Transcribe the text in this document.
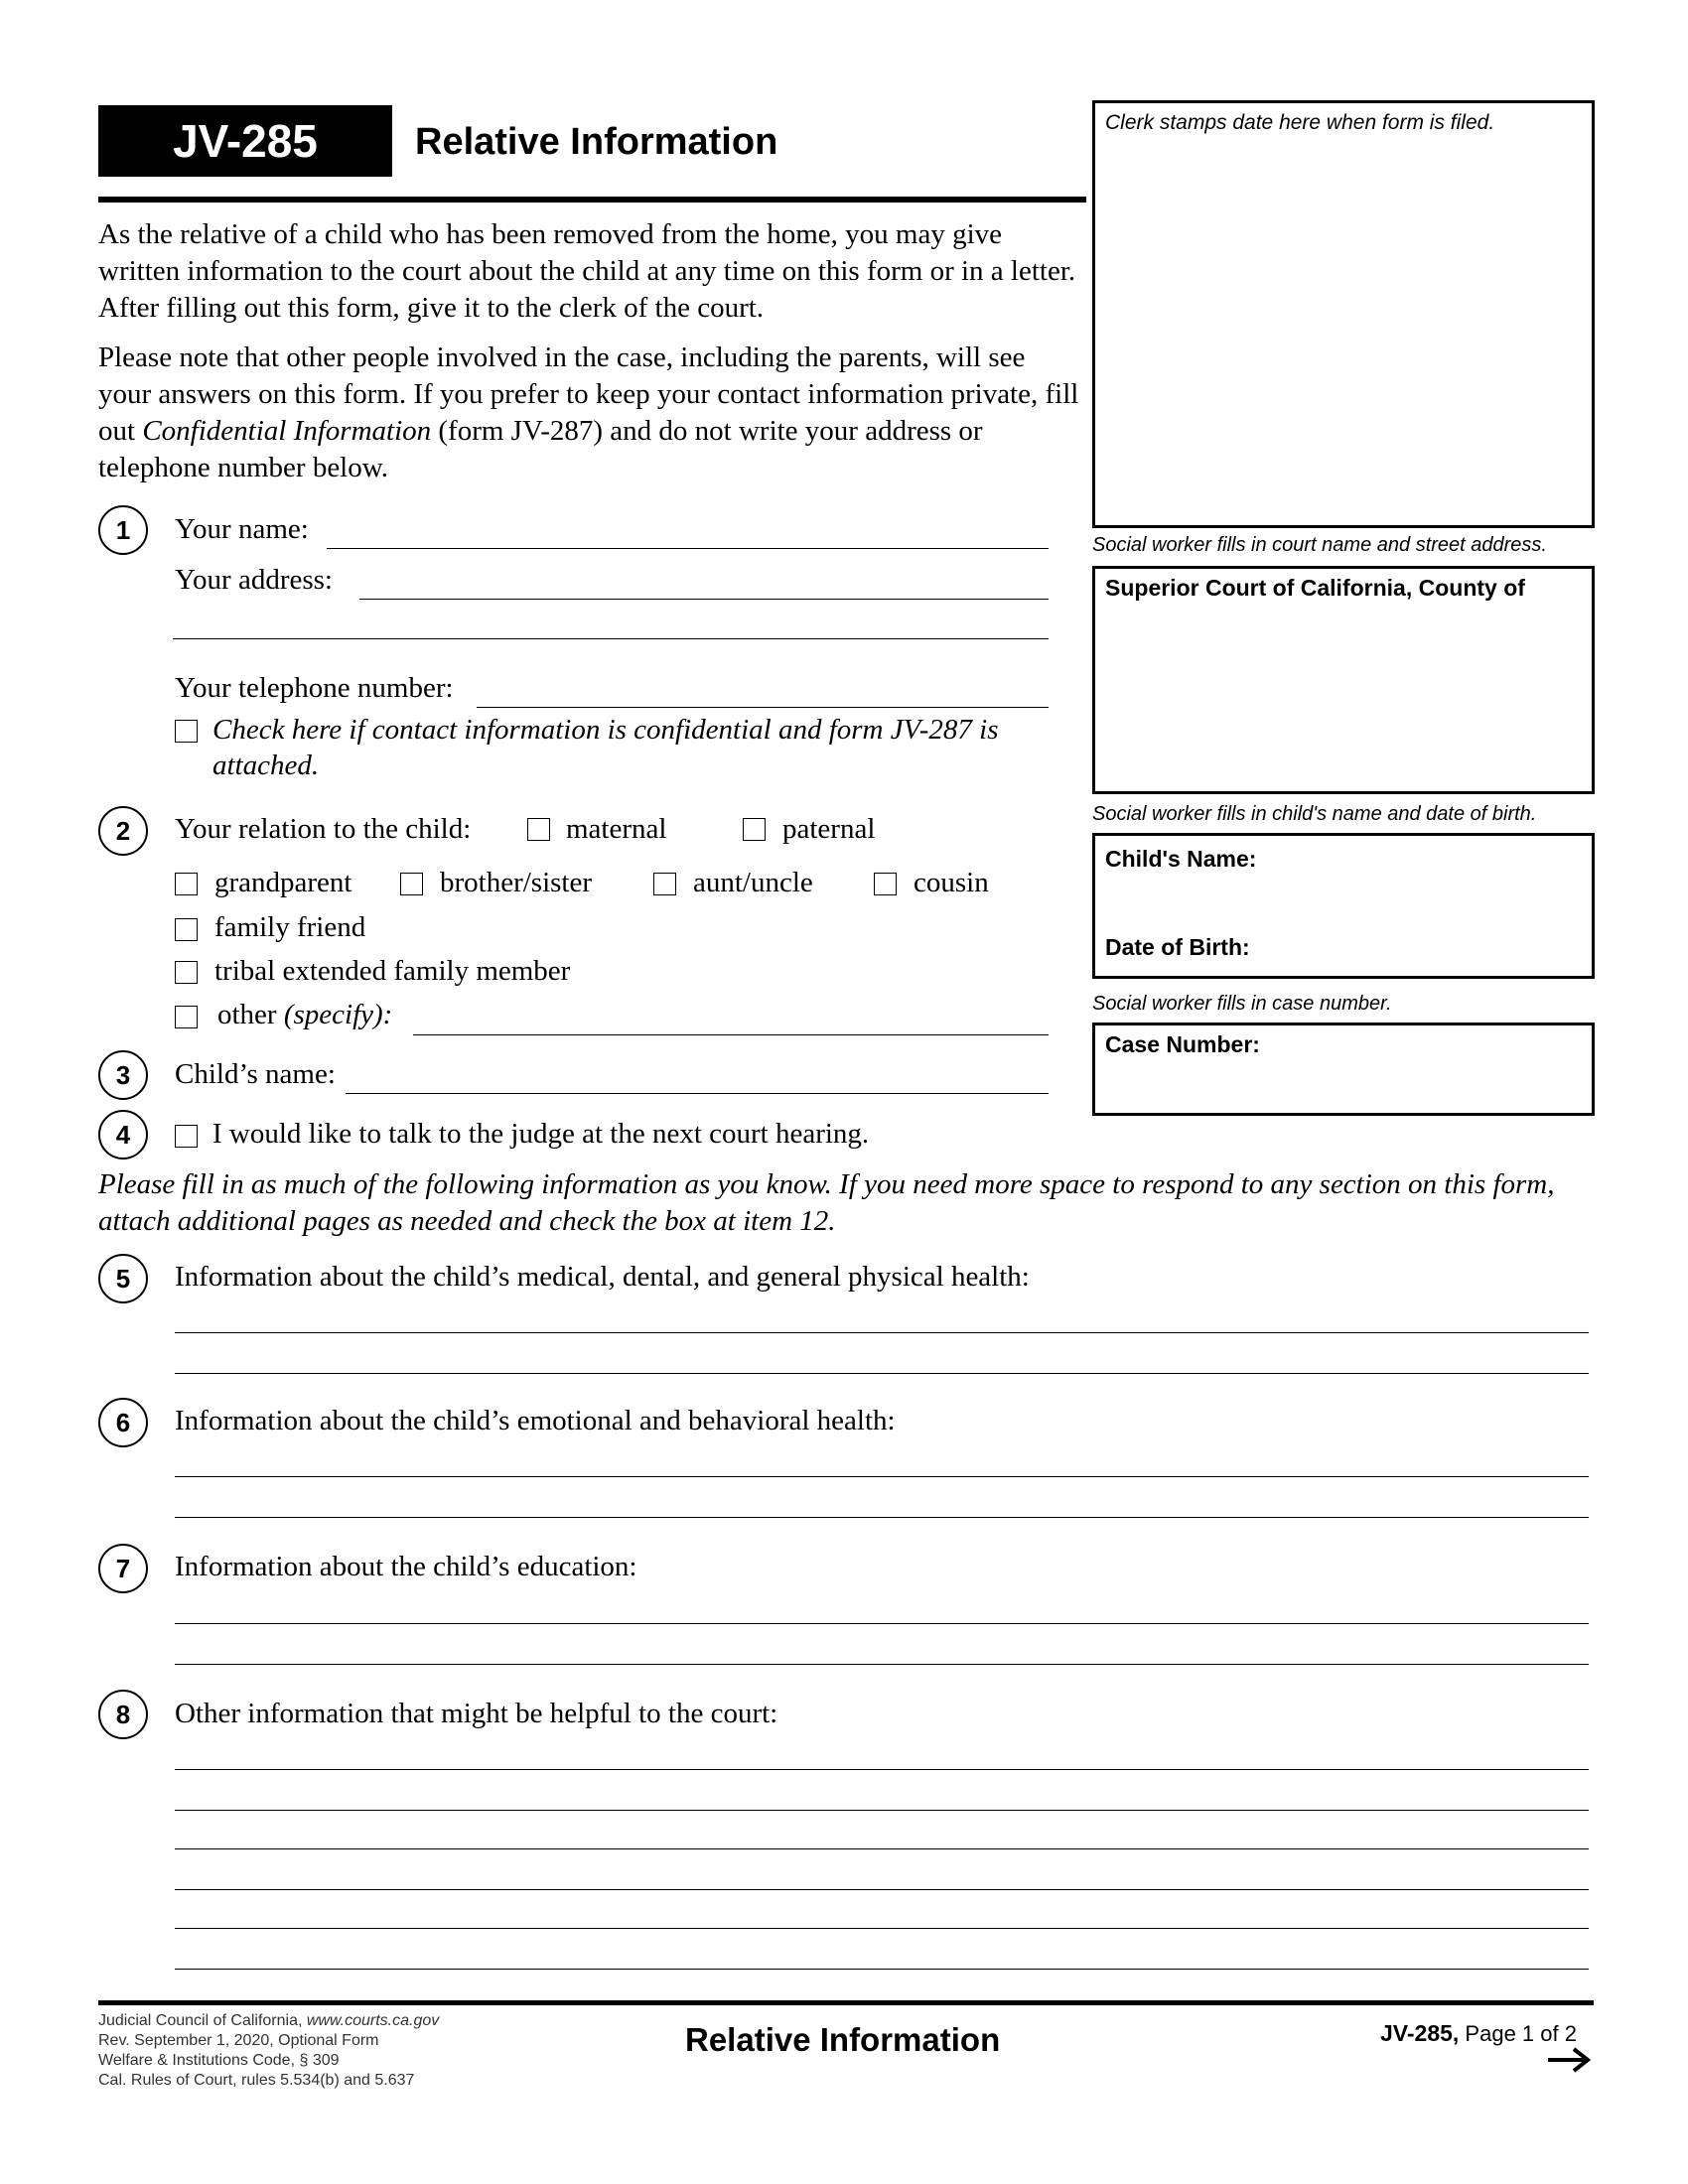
JV-285	Relative Information
As the relative of a child who has been removed from the home, you may give written information to the court about the child at any time on this form or in a letter. After filling out this form, give it to the clerk of the court.
Please note that other people involved in the case, including the parents, will see your answers on this form. If you prefer to keep your contact information private, fill out Confidential Information (form JV-287) and do not write your address or telephone number below.
Clerk stamps date here when form is filed.
Social worker fills in court name and street address.
Superior Court of California, County of
Social worker fills in child's name and date of birth.
Child's Name:
Date of Birth:
Social worker fills in case number.
Case Number:
1	Your name:
Your address:
Your telephone number:
Check here if contact information is confidential and form JV-287 is
attached.
2	Your relation to the child:	maternal	paternal
grandparent	brother/sister	aunt/uncle	cousin
family friend
tribal extended family member
other (specify):
3	Child’s name:
4	I would like to talk to the judge at the next court hearing.
Please fill in as much of the following information as you know. If you need more space to respond to any section on this form, attach additional pages as needed and check the box at item 12.
5	Information about the child’s medical, dental, and general physical health:
6	Information about the child’s emotional and behavioral health:
7	Information about the child’s education:
8	Other information that might be helpful to the court:
Judicial Council of California, www.courts.ca.gov
Rev. September 1, 2020, Optional Form
Welfare & Institutions Code, § 309
Cal. Rules of Court, rules 5.534(b) and 5.637
Relative Information	JV-285, Page 1 of 2
